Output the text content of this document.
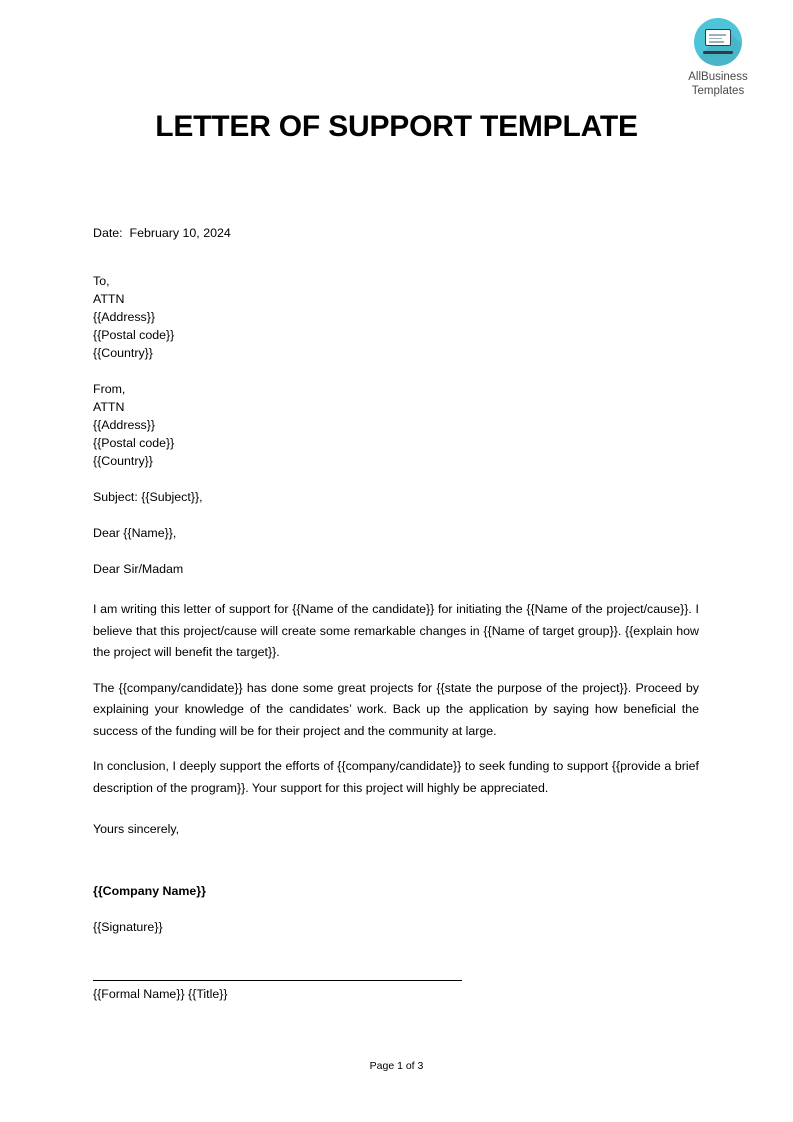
AllBusiness
Templates
LETTER OF SUPPORT TEMPLATE
Date:  February 10, 2024
To,
ATTN
{{Address}}
{{Postal code}}
{{Country}}
From,
ATTN
{{Address}}
{{Postal code}}
{{Country}}
Subject: {{Subject}},
Dear {{Name}},
Dear Sir/Madam

I am writing this letter of support for {{Name of the candidate}} for initiating the {{Name of the project/cause}}. I believe that this project/cause will create some remarkable changes in {{Name of target group}}. {{explain how the project will benefit the target}}.

The {{company/candidate}} has done some great projects for {{state the purpose of the project}}. Proceed by explaining your knowledge of the candidates’ work. Back up the application by saying how beneficial the success of the funding will be for their project and the community at large.

In conclusion, I deeply support the efforts of {{company/candidate}} to seek funding to support {{provide a brief description of the program}}. Your support for this project will highly be appreciated.

Yours sincerely,
{{Company Name}}
{{Signature}}
{{Formal Name}} {{Title}}
Page 1 of 3
